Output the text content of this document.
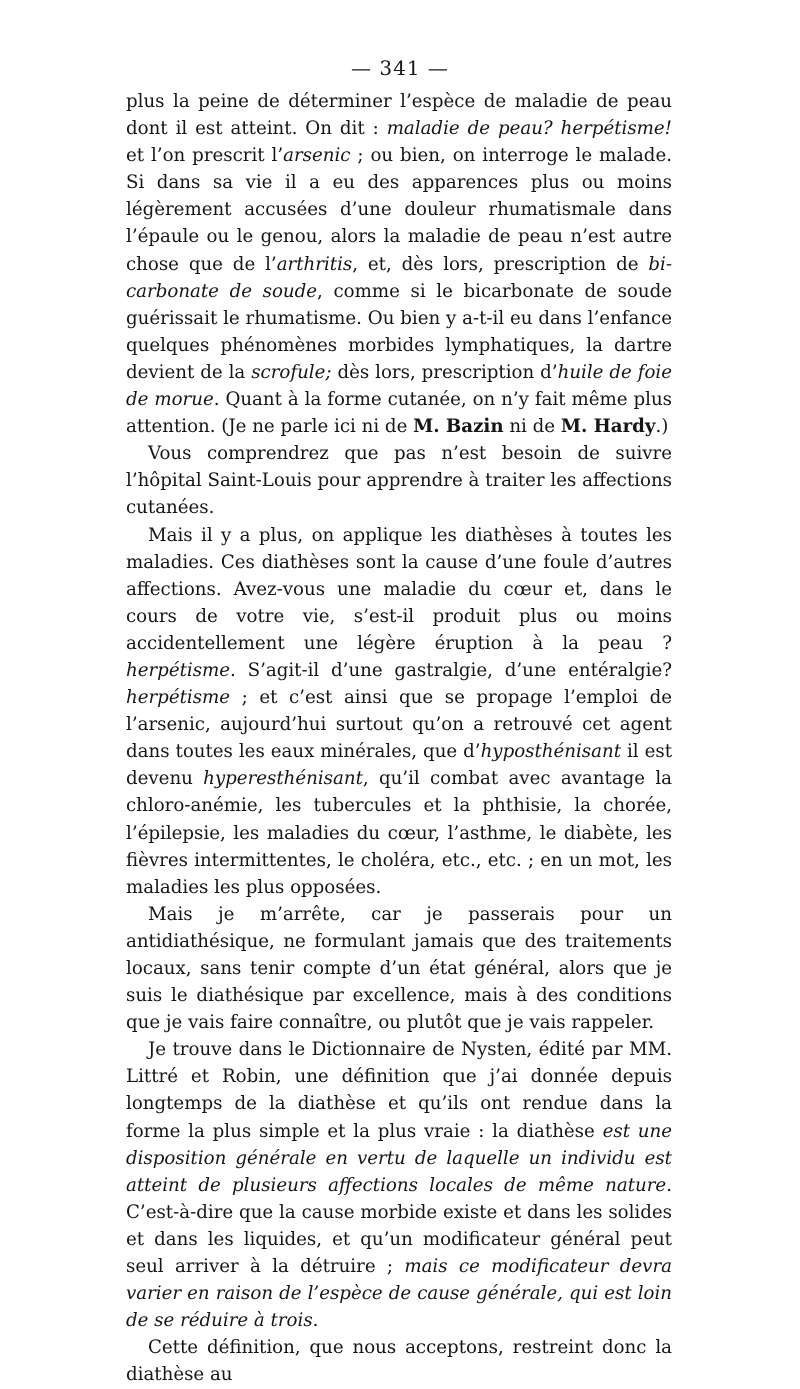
— 341 —

plus la peine de déterminer l’espèce de maladie de peau dont il est atteint. On dit : maladie de peau? herpétisme! et l’on prescrit l’arsenic ; ou bien, on interroge le malade. Si dans sa vie il a eu des apparences plus ou moins légèrement accusées d’une douleur rhumatismale dans l’épaule ou le genou, alors la maladie de peau n’est autre chose que de l’arthritis, et, dès lors, prescription de bicarbonate de soude, comme si le bicarbonate de soude guérissait le rhumatisme. Ou bien y a-t-il eu dans l’enfance quelques phénomènes morbides lymphatiques, la dartre devient de la scrofule; dès lors, prescription d’huile de foie de morue. Quant à la forme cutanée, on n’y fait même plus attention. (Je ne parle ici ni de M. Bazin ni de M. Hardy.)

Vous comprendrez que pas n’est besoin de suivre l’hôpital Saint-Louis pour apprendre à traiter les affections cutanées.

Mais il y a plus, on applique les diathèses à toutes les maladies. Ces diathèses sont la cause d’une foule d’autres affections. Avez-vous une maladie du cœur et, dans le cours de votre vie, s’est-il produit plus ou moins accidentellement une légère éruption à la peau ? herpétisme. S’agit-il d’une gastralgie, d’une entéralgie? herpétisme ; et c’est ainsi que se propage l’emploi de l’arsenic, aujourd’hui surtout qu’on a retrouvé cet agent dans toutes les eaux minérales, que d’hyposthénisant il est devenu hyperesthénisant, qu’il combat avec avantage la chloro-anémie, les tubercules et la phthisie, la chorée, l’épilepsie, les maladies du cœur, l’asthme, le diabète, les fièvres intermittentes, le choléra, etc., etc. ; en un mot, les maladies les plus opposées.

Mais je m’arrête, car je passerais pour un antidiathésique, ne formulant jamais que des traitements locaux, sans tenir compte d’un état général, alors que je suis le diathésique par excellence, mais à des conditions que je vais faire connaître, ou plutôt que je vais rappeler.

Je trouve dans le Dictionnaire de Nysten, édité par MM. Littré et Robin, une définition que j’ai donnée depuis longtemps de la diathèse et qu’ils ont rendue dans la forme la plus simple et la plus vraie : la diathèse est une disposition générale en vertu de laquelle un individu est atteint de plusieurs affections locales de même nature. C’est-à-dire que la cause morbide existe et dans les solides et dans les liquides, et qu’un modificateur général peut seul arriver à la détruire ; mais ce modificateur devra varier en raison de l’espèce de cause générale, qui est loin de se réduire à trois.

Cette définition, que nous acceptons, restreint donc la diathèse au
